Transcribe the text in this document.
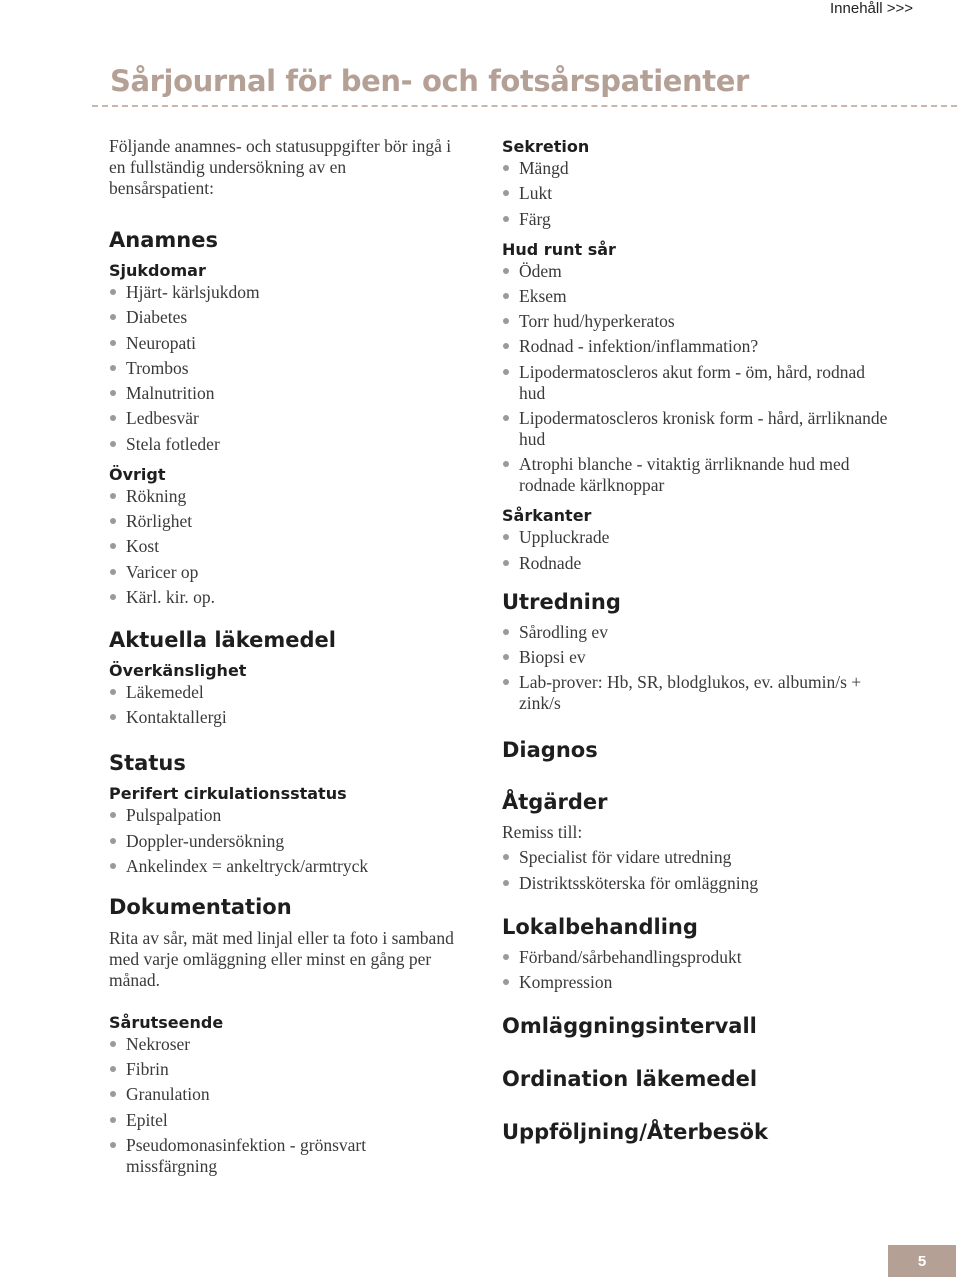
Innehåll >>>
Sårjournal för ben- och fotsårspatienter

Följande anamnes- och statusuppgifter bör ingå i en fullständig undersökning av en bensårspatient:

Anamnes
Sjukdomar
Hjärt- kärlsjukdom
Diabetes
Neuropati
Trombos
Malnutrition
Ledbesvär
Stela fotleder
Övrigt
Rökning
Rörlighet
Kost
Varicer op
Kärl. kir. op.
Aktuella läkemedel
Överkänslighet
Läkemedel
Kontaktallergi
Status
Perifert cirkulationsstatus
Pulspalpation
Doppler-undersökning
Ankelindex = ankeltryck/armtryck
Dokumentation

Rita av sår, mät med linjal eller ta foto i samband med varje omläggning eller minst en gång per månad.

Sårutseende
Nekroser
Fibrin
Granulation
Epitel
Pseudomonasinfektion - grönsvart missfärgning
Sekretion
Mängd
Lukt
Färg
Hud runt sår
Ödem
Eksem
Torr hud/hyperkeratos
Rodnad - infektion/inflammation?
Lipodermatoscleros akut form - öm, hård, rodnad hud
Lipodermatoscleros kronisk form - hård, ärrliknande hud
Atrophi blanche - vitaktig ärrliknande hud med rodnade kärlknoppar
Sårkanter
Uppluckrade
Rodnade
Utredning
Sårodling ev
Biopsi ev
Lab-prover: Hb, SR, blodglukos, ev. albumin/s + zink/s
Diagnos
Åtgärder

Remiss till:

Specialist för vidare utredning
Distriktssköterska för omläggning
Lokalbehandling
Förband/sårbehandlingsprodukt
Kompression
Omläggningsintervall
Ordination läkemedel
Uppföljning/Återbesök
5
